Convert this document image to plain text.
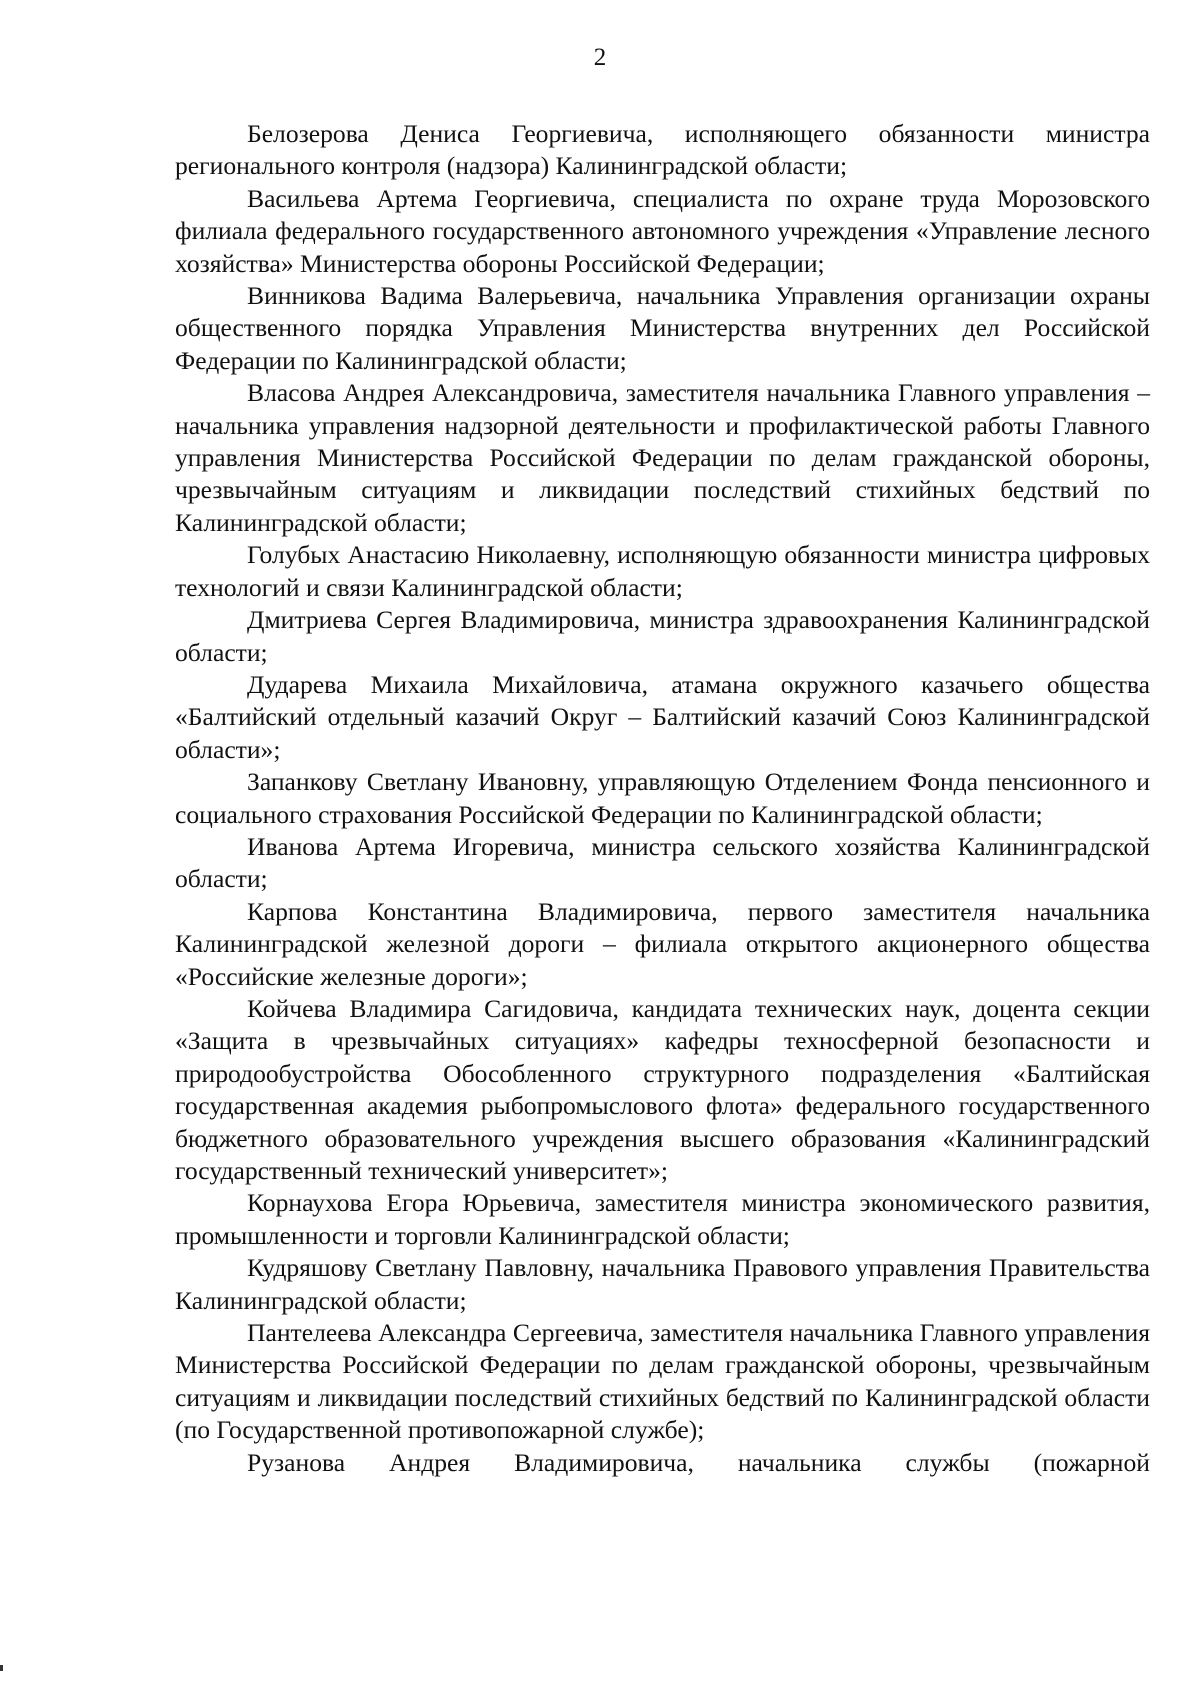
2

Белозерова Дениса Георгиевича, исполняющего обязанности министра регионального контроля (надзора) Калининградской области;

Васильева Артема Георгиевича, специалиста по охране труда Морозовского филиала федерального государственного автономного учреждения «Управление лесного хозяйства» Министерства обороны Российской Федерации;

Винникова Вадима Валерьевича, начальника Управления организации охраны общественного порядка Управления Министерства внутренних дел Российской Федерации по Калининградской области;

Власова Андрея Александровича, заместителя начальника Главного управления – начальника управления надзорной деятельности и профилактической работы Главного управления Министерства Российской Федерации по делам гражданской обороны, чрезвычайным ситуациям и ликвидации последствий стихийных бедствий по Калининградской области;

Голубых Анастасию Николаевну, исполняющую обязанности министра цифровых технологий и связи Калининградской области;

Дмитриева Сергея Владимировича, министра здравоохранения Калининградской области;

Дударева Михаила Михайловича, атамана окружного казачьего общества «Балтийский отдельный казачий Округ – Балтийский казачий Союз Калининградской области»;

Запанкову Светлану Ивановну, управляющую Отделением Фонда пенсионного и социального страхования Российской Федерации по Калининградской области;

Иванова Артема Игоревича, министра сельского хозяйства Калининградской области;

Карпова Константина Владимировича, первого заместителя начальника Калининградской железной дороги – филиала открытого акционерного общества «Российские железные дороги»;

Койчева Владимира Сагидовича, кандидата технических наук, доцента секции «Защита в чрезвычайных ситуациях» кафедры техносферной безопасности и природообустройства Обособленного структурного подразделения «Балтийская государственная академия рыбопромыслового флота» федерального государственного бюджетного образовательного учреждения высшего образования «Калининградский государственный технический университет»;

Корнаухова Егора Юрьевича, заместителя министра экономического развития, промышленности и торговли Калининградской области;

Кудряшову Светлану Павловну, начальника Правового управления Правительства Калининградской области;

Пантелеева Александра Сергеевича, заместителя начальника Главного управления Министерства Российской Федерации по делам гражданской обороны, чрезвычайным ситуациям и ликвидации последствий стихийных бедствий по Калининградской области (по Государственной противопожарной службе);

Рузанова Андрея Владимировича, начальника службы (пожарной
